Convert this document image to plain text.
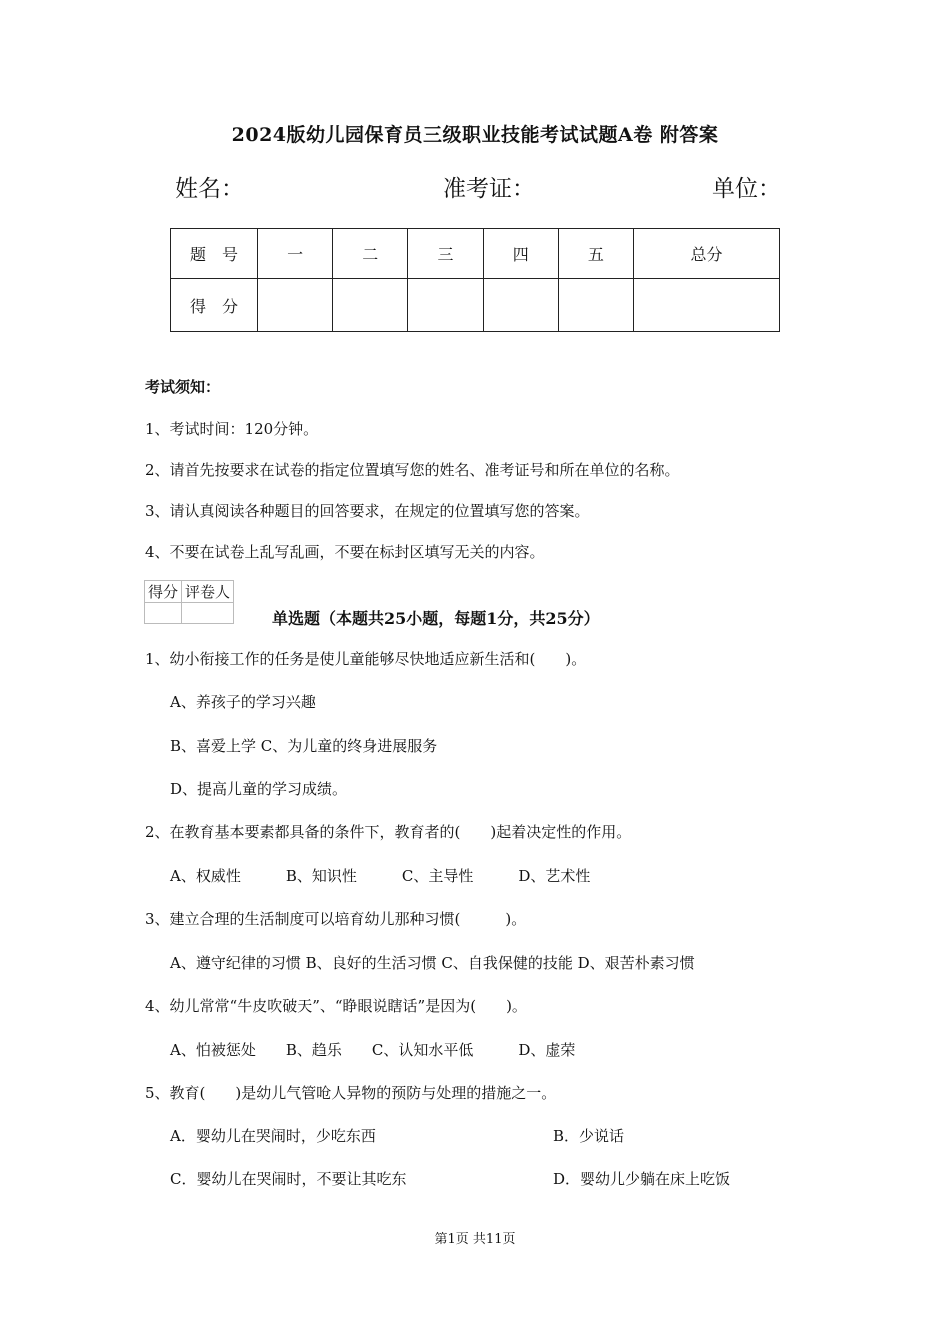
2024版幼儿园保育员三级职业技能考试试题A卷 附答案
姓名：	准考证：	单位：
题　号	一	二	三	四	五	总分
得　分						
考试须知：
1、考试时间：120分钟。
2、请首先按要求在试卷的指定位置填写您的姓名、准考证号和所在单位的名称。
3、请认真阅读各种题目的回答要求，在规定的位置填写您的答案。
4、不要在试卷上乱写乱画，不要在标封区填写无关的内容。
得分	评卷人

单选题（本题共25小题，每题1分，共25分）
1、幼小衔接工作的任务是使儿童能够尽快地适应新生活和(　　)。
A、养孩子的学习兴趣
B、喜爱上学 C、为儿童的终身进展服务
D、提高儿童的学习成绩。
2、在教育基本要素都具备的条件下，教育者的(　　)起着决定性的作用。
A、权威性　　　B、知识性　　　C、主导性　　　D、艺术性
3、建立合理的生活制度可以培育幼儿那种习惯(　　　)。
A、遵守纪律的习惯 B、良好的生活习惯 C、自我保健的技能 D、艰苦朴素习惯
4、幼儿常常“牛皮吹破天”、“睁眼说瞎话”是因为(　　)。
A、怕被惩处　　B、趋乐　　C、认知水平低　　　D、虚荣
5、教育(　　)是幼儿气管呛人异物的预防与处理的措施之一。
A．婴幼儿在哭闹时，少吃东西	B．少说话
C．婴幼儿在哭闹时，不要让其吃东	D．婴幼儿少躺在床上吃饭
第1页 共11页
